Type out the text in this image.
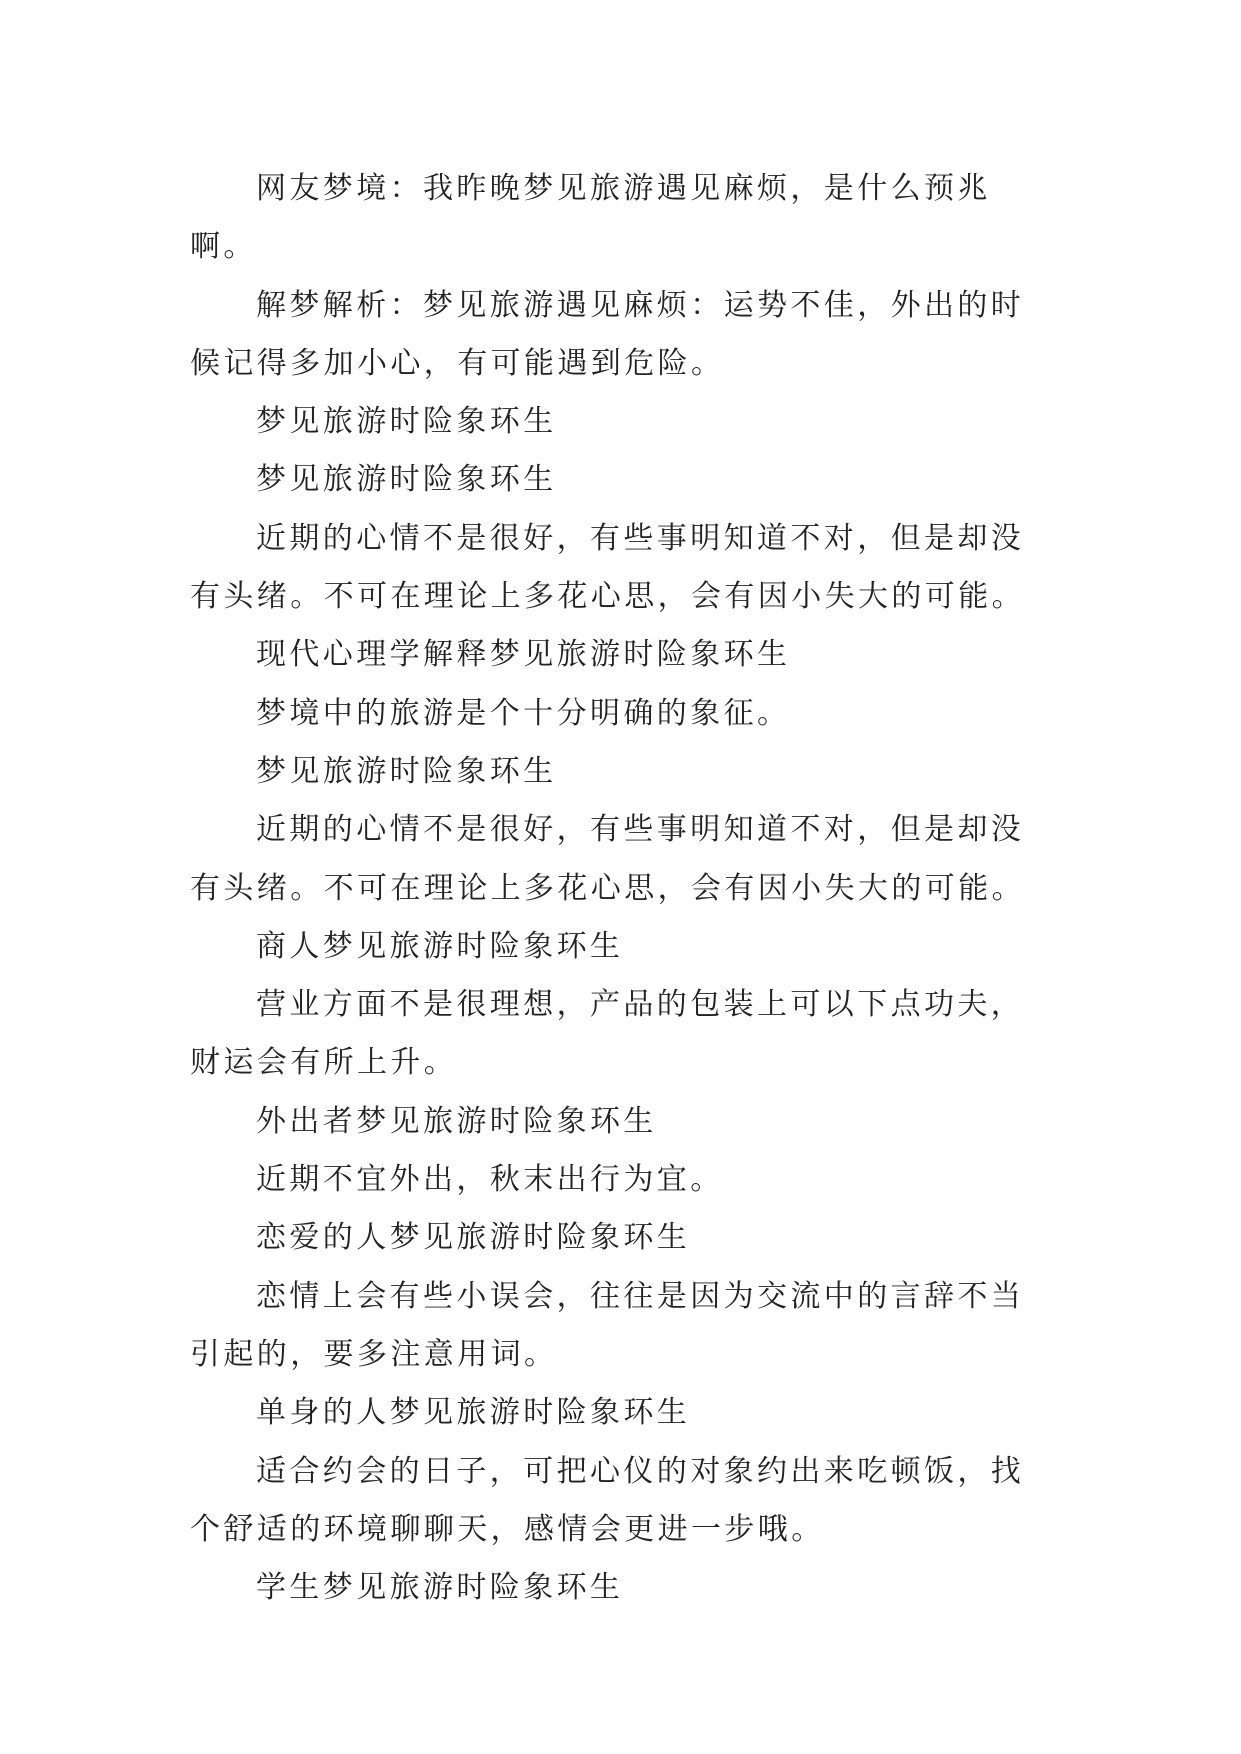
网友梦境：我昨晚梦见旅游遇见麻烦，是什么预兆啊。

解梦解析：梦见旅游遇见麻烦：运势不佳，外出的时候记得多加小心，有可能遇到危险。

梦见旅游时险象环生

梦见旅游时险象环生

近期的心情不是很好，有些事明知道不对，但是却没有头绪。不可在理论上多花心思，会有因小失大的可能。

现代心理学解释梦见旅游时险象环生

梦境中的旅游是个十分明确的象征。

梦见旅游时险象环生

近期的心情不是很好，有些事明知道不对，但是却没有头绪。不可在理论上多花心思，会有因小失大的可能。

商人梦见旅游时险象环生

营业方面不是很理想，产品的包装上可以下点功夫，财运会有所上升。

外出者梦见旅游时险象环生

近期不宜外出，秋末出行为宜。

恋爱的人梦见旅游时险象环生

恋情上会有些小误会，往往是因为交流中的言辞不当引起的，要多注意用词。

单身的人梦见旅游时险象环生

适合约会的日子，可把心仪的对象约出来吃顿饭，找个舒适的环境聊聊天，感情会更进一步哦。

学生梦见旅游时险象环生
